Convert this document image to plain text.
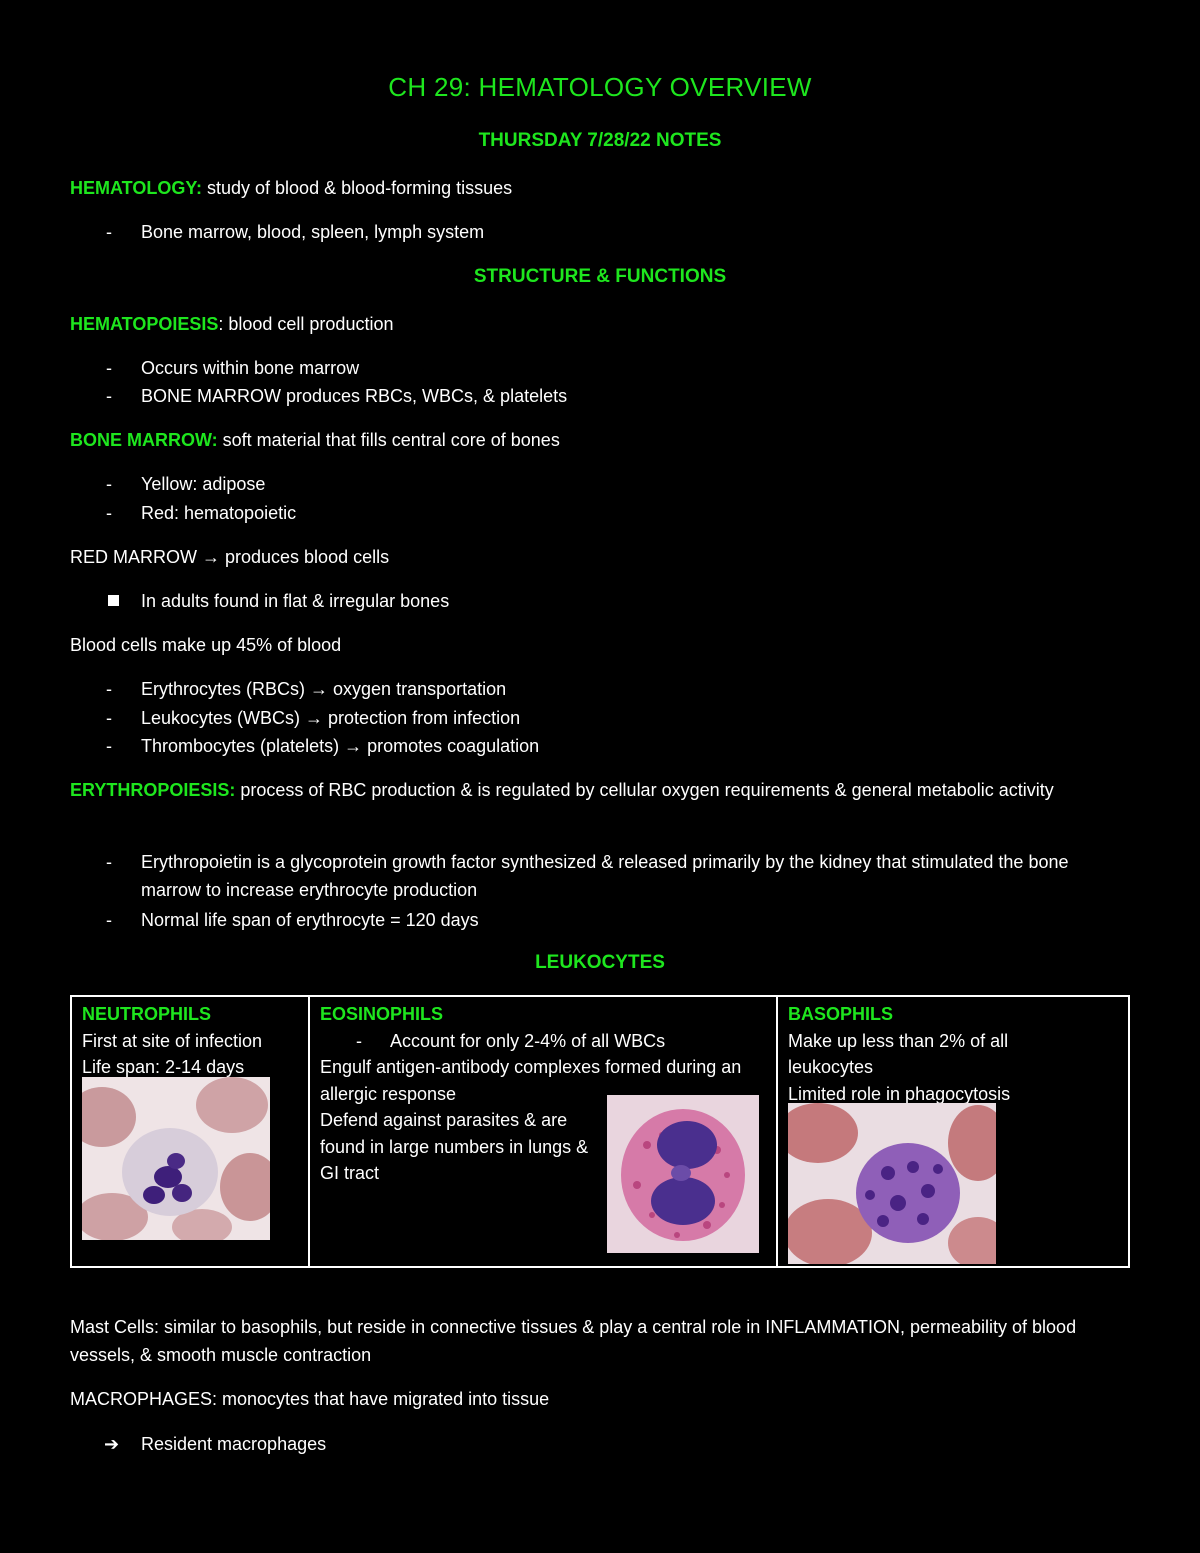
CH 29: HEMATOLOGY OVERVIEW
THURSDAY 7/28/22 NOTES
HEMATOLOGY: study of blood & blood-forming tissues
- Bone marrow, blood, spleen, lymph system
STRUCTURE & FUNCTIONS
HEMATOPOIESIS: blood cell production
- Occurs within bone marrow
- BONE MARROW produces RBCs, WBCs, & platelets
BONE MARROW: soft material that fills central core of bones
- Yellow: adipose
- Red: hematopoietic
RED MARROW → produces blood cells
In adults found in flat & irregular bones
Blood cells make up 45% of blood
- Erythrocytes (RBCs) → oxygen transportation
- Leukocytes (WBCs) → protection from infection
- Thrombocytes (platelets) → promotes coagulation
ERYTHROPOIESIS: process of RBC production & is regulated by cellular oxygen requirements & general metabolic activity
- Erythropoietin is a glycoprotein growth factor synthesized & released primarily by the kidney that stimulated the bone marrow to increase erythrocyte production
- Normal life span of erythrocyte = 120 days
LEUKOCYTES
NEUTROPHILS
First at site of infection
Life span: 2-14 days
EOSINOPHILS
- Account for only 2-4% of all WBCs
Engulf antigen-antibody complexes formed during an allergic response
Defend against parasites & are found in large numbers in lungs & GI tract
BASOPHILS
Make up less than 2% of all leukocytes
Limited role in phagocytosis
Mast Cells: similar to basophils, but reside in connective tissues & play a central role in INFLAMMATION, permeability of blood vessels, & smooth muscle contraction
MACROPHAGES: monocytes that have migrated into tissue
➔ Resident macrophages
